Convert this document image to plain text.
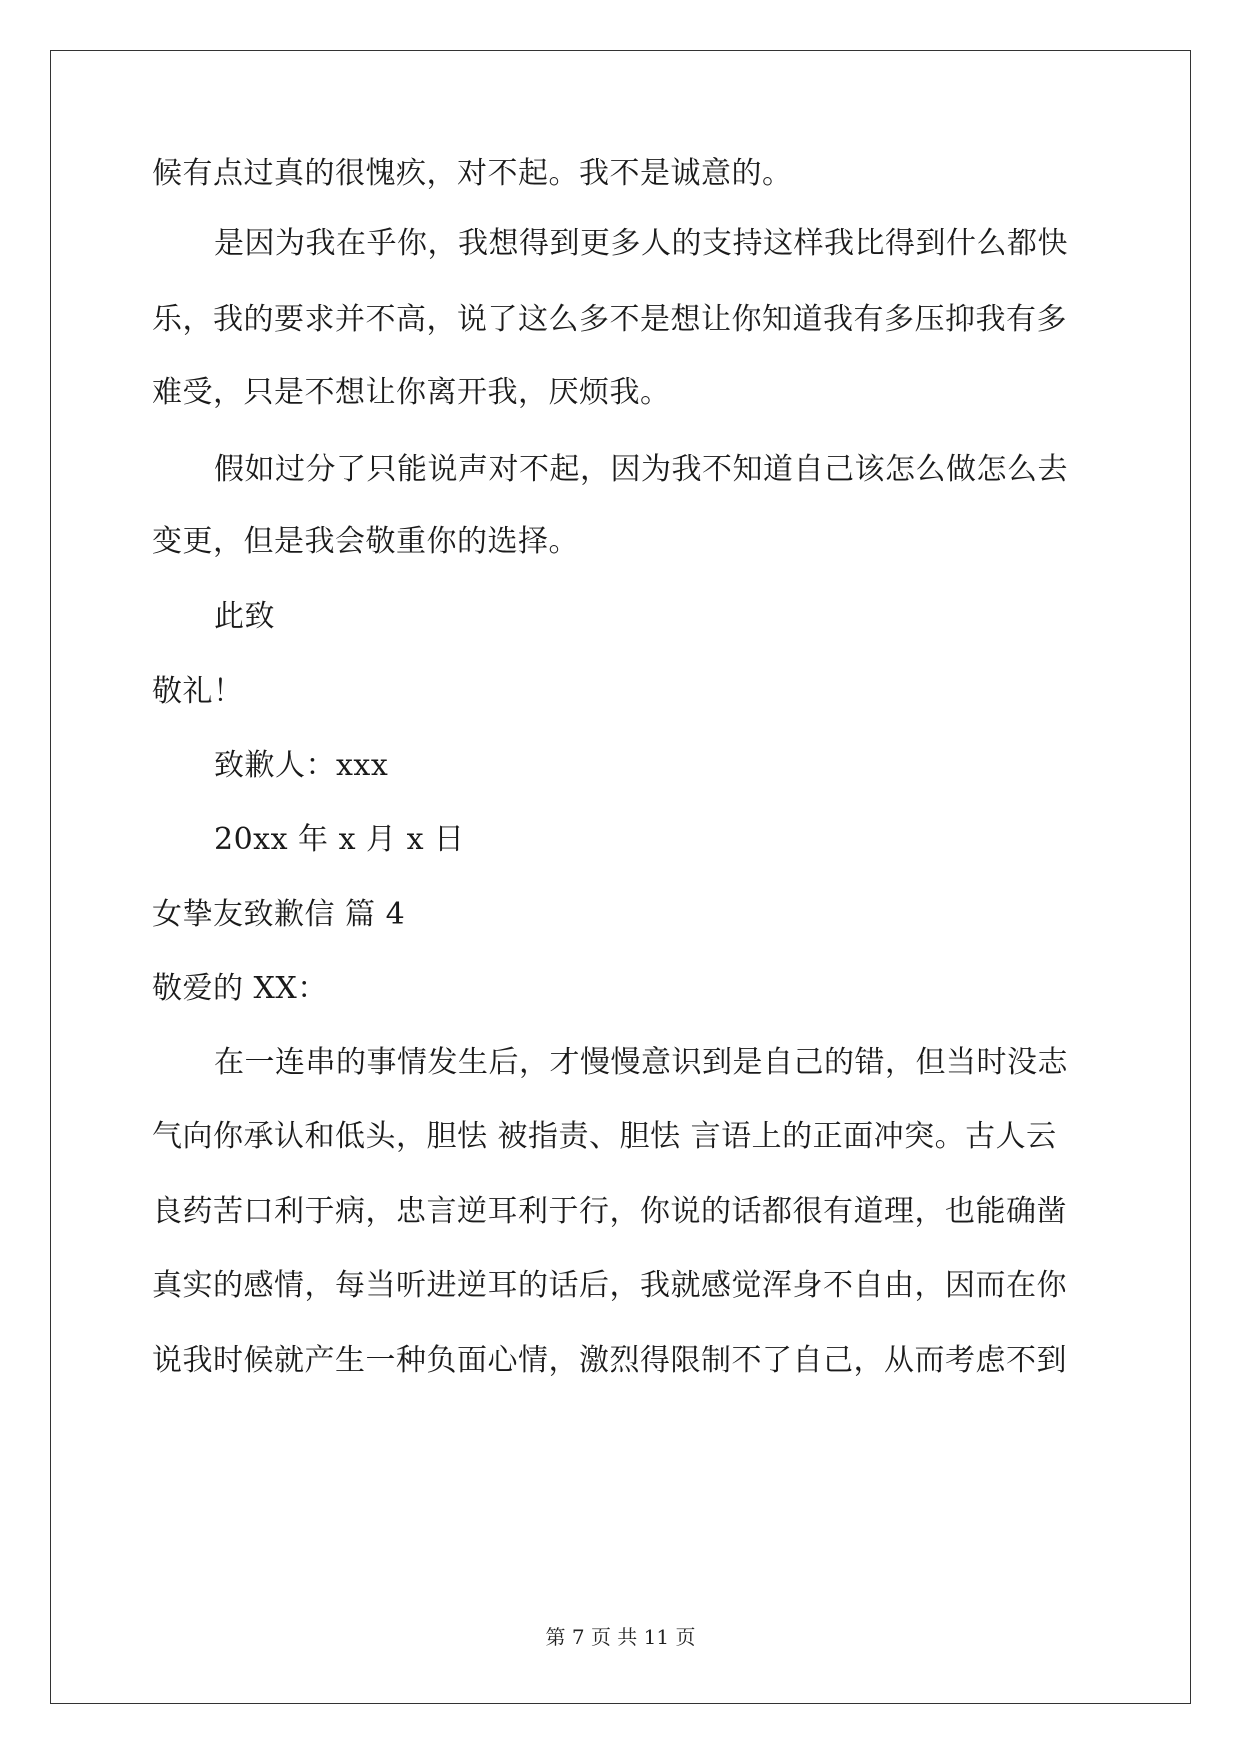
候有点过真的很愧疚，对不起。我不是诚意的。
是因为我在乎你，我想得到更多人的支持这样我比得到什么都快
乐，我的要求并不高，说了这么多不是想让你知道我有多压抑我有多
难受，只是不想让你离开我，厌烦我。
假如过分了只能说声对不起，因为我不知道自己该怎么做怎么去
变更，但是我会敬重你的选择。
此致
敬礼！
致歉人：xxx
20xx 年 x 月 x 日
女挚友致歉信 篇 4
敬爱的 XX：
在一连串的事情发生后，才慢慢意识到是自己的错，但当时没志
气向你承认和低头，胆怯 被指责、胆怯 言语上的正面冲突。古人云
良药苦口利于病，忠言逆耳利于行，你说的话都很有道理，也能确凿
真实的感情，每当听进逆耳的话后，我就感觉浑身不自由，因而在你
说我时候就产生一种负面心情，激烈得限制不了自己，从而考虑不到
第 7 页 共 11 页
